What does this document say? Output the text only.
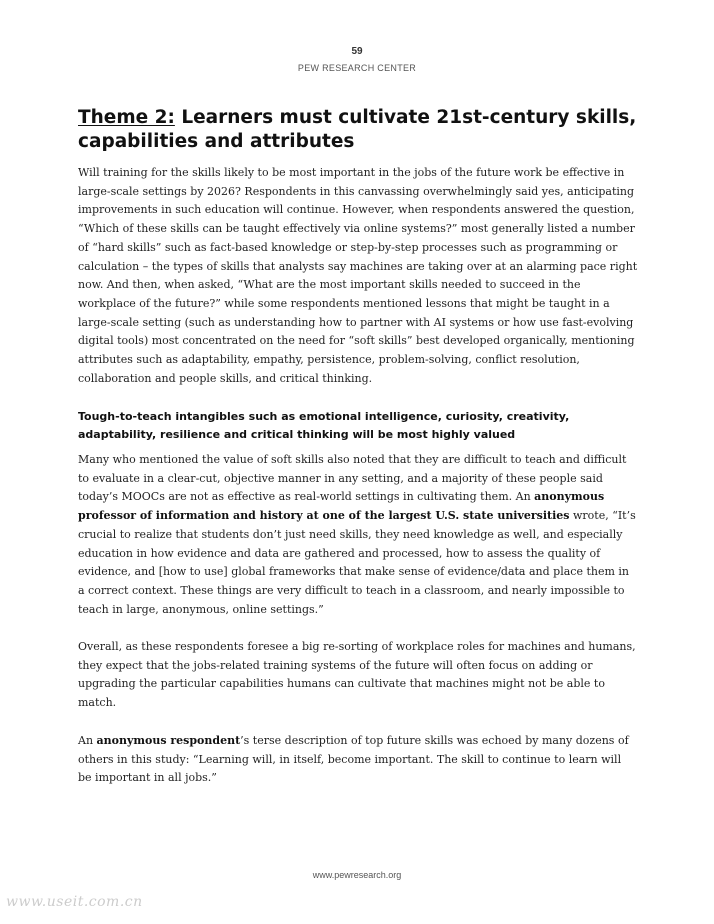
59
PEW RESEARCH CENTER
Theme 2: Learners must cultivate 21st-century skills, capabilities and attributes

Will training for the skills likely to be most important in the jobs of the future work be effective in large-scale settings by 2026? Respondents in this canvassing overwhelmingly said yes, anticipating improvements in such education will continue. However, when respondents answered the question, “Which of these skills can be taught effectively via online systems?” most generally listed a number of “hard skills” such as fact-based knowledge or step-by-step processes such as programming or calculation – the types of skills that analysts say machines are taking over at an alarming pace right now. And then, when asked, “What are the most important skills needed to succeed in the workplace of the future?” while some respondents mentioned lessons that might be taught in a large-scale setting (such as understanding how to partner with AI systems or how use fast-evolving digital tools) most concentrated on the need for “soft skills” best developed organically, mentioning attributes such as adaptability, empathy, persistence, problem-solving, conflict resolution, collaboration and people skills, and critical thinking.

Tough-to-teach intangibles such as emotional intelligence, curiosity, creativity, adaptability, resilience and critical thinking will be most highly valued

Many who mentioned the value of soft skills also noted that they are difficult to teach and difficult to evaluate in a clear-cut, objective manner in any setting, and a majority of these people said today’s MOOCs are not as effective as real-world settings in cultivating them. An anonymous professor of information and history at one of the largest U.S. state universities wrote, “It’s crucial to realize that students don’t just need skills, they need knowledge as well, and especially education in how evidence and data are gathered and processed, how to assess the quality of evidence, and [how to use] global frameworks that make sense of evidence/data and place them in a correct context. These things are very difficult to teach in a classroom, and nearly impossible to teach in large, anonymous, online settings.”

Overall, as these respondents foresee a big re-sorting of workplace roles for machines and humans, they expect that the jobs-related training systems of the future will often focus on adding or upgrading the particular capabilities humans can cultivate that machines might not be able to match.

An anonymous respondent’s terse description of top future skills was echoed by many dozens of others in this study: “Learning will, in itself, become important. The skill to continue to learn will be important in all jobs.”

www.pewresearch.org
www.useit.com.cn
